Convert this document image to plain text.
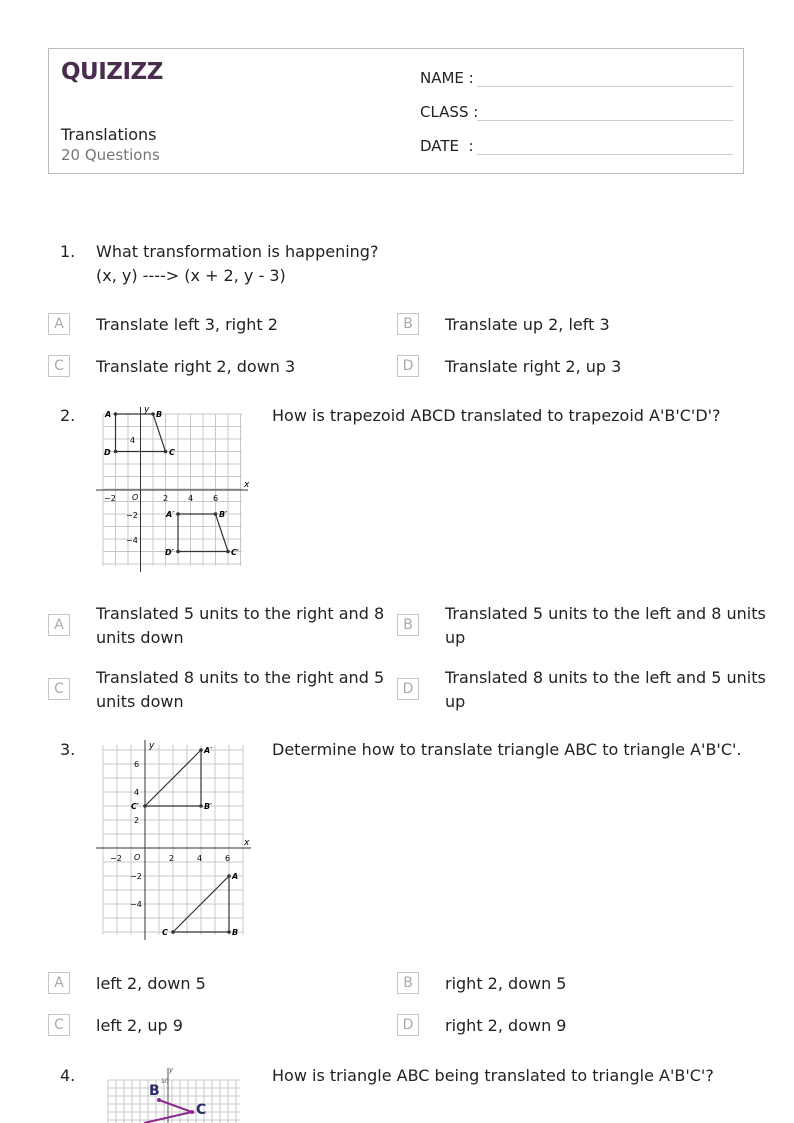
QUIZIZZ
Translations
20 Questions
NAME :
CLASS :
DATE  :
1. What transformation is happening?
(x, y) ----> (x + 2, y - 3)
A	Translate left 3, right 2	B	Translate up 2, left 3
C	Translate right 2, down 3	D	Translate right 2, up 3
2.	How is trapezoid ABCD translated to trapezoid A'B'C'D'?
x
y
−2 O	2 4 6
4
−2
−4
A	B
C
D
A′	B′
C′
D′
A
Translated 5 units to the right and 8
units down
B
Translated 5 units to the left and 8 units
up
C
Translated 8 units to the right and 5
units down
D
Translated 8 units to the left and 5 units
up
3.	Determine how to translate triangle ABC to triangle A'B'C'.
x
y
−2 O	2	4	6
6
4
2
−2
−4
A′
C′	B′
A
C	B
A	left 2, down 5	B	right 2, down 5
C	left 2, up 9	D	right 2, down 9
4.	How is triangle ABC being translated to triangle A'B'C'?
y
10
B
C
